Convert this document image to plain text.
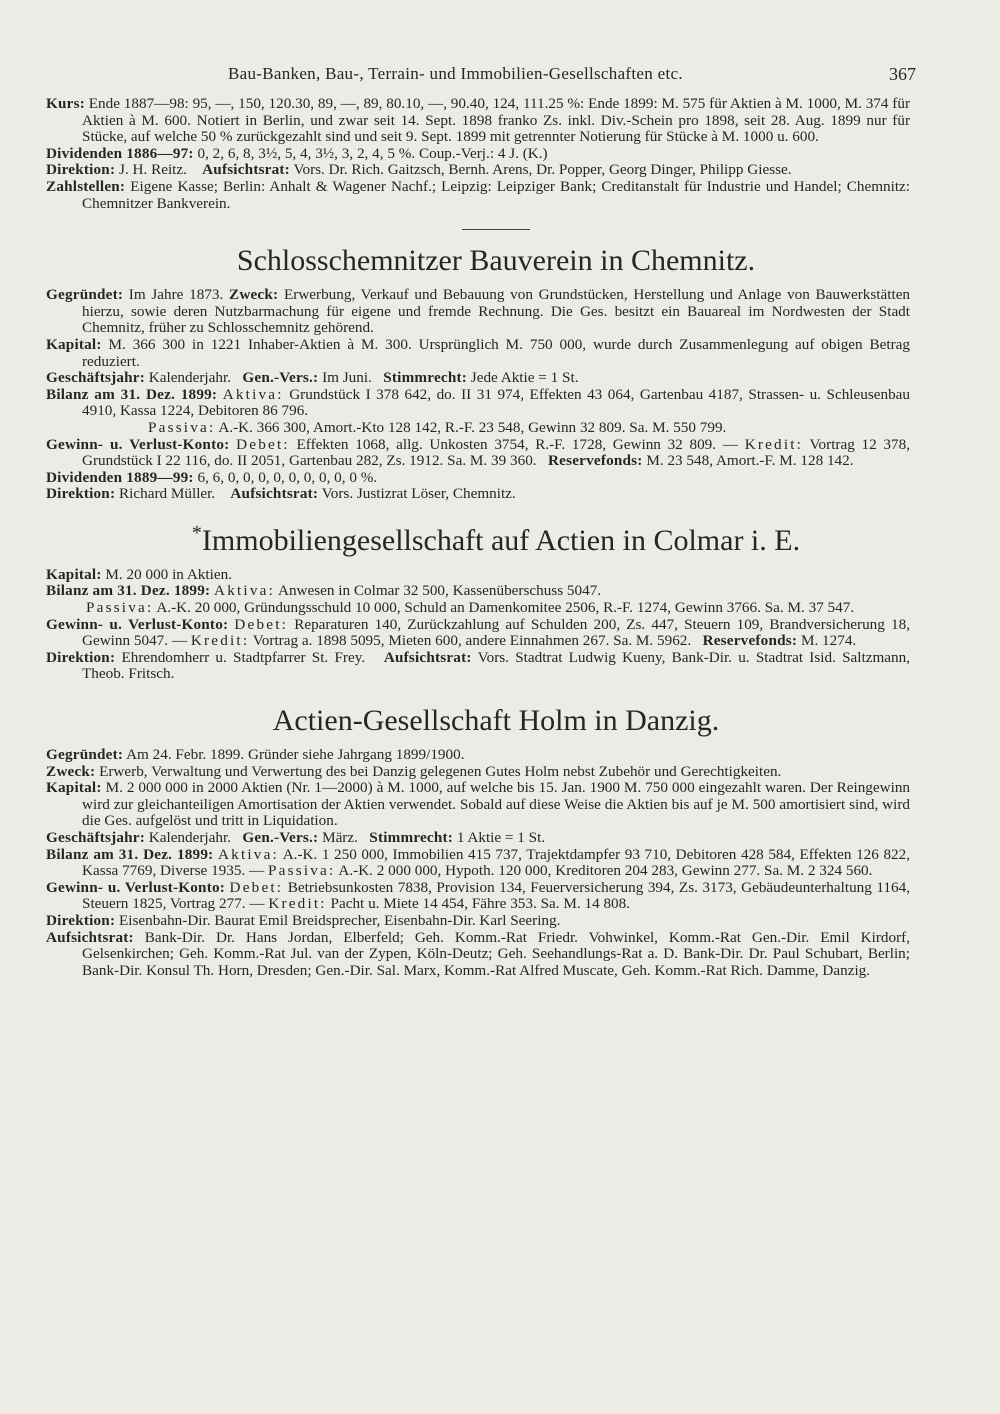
Bau-Banken, Bau-, Terrain- und Immobilien-Gesellschaften etc.	367

Kurs: Ende 1887—98: 95, —, 150, 120.30, 89, —, 89, 80.10, —, 90.40, 124, 111.25 %: Ende 1899: M. 575 für Aktien à M. 1000, M. 374 für Aktien à M. 600. Notiert in Berlin, und zwar seit 14. Sept. 1898 franko Zs. inkl. Div.-Schein pro 1898, seit 28. Aug. 1899 nur für Stücke, auf welche 50 % zurückgezahlt sind und seit 9. Sept. 1899 mit getrennter Notierung für Stücke à M. 1000 u. 600.

Dividenden 1886—97: 0, 2, 6, 8, 3½, 5, 4, 3½, 3, 2, 4, 5 %. Coup.-Verj.: 4 J. (K.)

Direktion: J. H. Reitz. Aufsichtsrat: Vors. Dr. Rich. Gaitzsch, Bernh. Arens, Dr. Popper, Georg Dinger, Philipp Giesse.

Zahlstellen: Eigene Kasse; Berlin: Anhalt & Wagener Nachf.; Leipzig: Leipziger Bank; Creditanstalt für Industrie und Handel; Chemnitz: Chemnitzer Bankverein.

Schlosschemnitzer Bauverein in Chemnitz.

Gegründet: Im Jahre 1873. Zweck: Erwerbung, Verkauf und Bebauung von Grundstücken, Herstellung und Anlage von Bauwerkstätten hierzu, sowie deren Nutzbarmachung für eigene und fremde Rechnung. Die Ges. besitzt ein Bauareal im Nordwesten der Stadt Chemnitz, früher zu Schlosschemnitz gehörend.

Kapital: M. 366 300 in 1221 Inhaber-Aktien à M. 300. Ursprünglich M. 750 000, wurde durch Zusammenlegung auf obigen Betrag reduziert.

Geschäftsjahr: Kalenderjahr. Gen.-Vers.: Im Juni. Stimmrecht: Jede Aktie = 1 St.

Bilanz am 31. Dez. 1899: Aktiva: Grundstück I 378 642, do. II 31 974, Effekten 43 064, Gartenbau 4187, Strassen- u. Schleusenbau 4910, Kassa 1224, Debitoren 86 796.

Passiva: A.-K. 366 300, Amort.-Kto 128 142, R.-F. 23 548, Gewinn 32 809. Sa. M. 550 799.

Gewinn- u. Verlust-Konto: Debet: Effekten 1068, allg. Unkosten 3754, R.-F. 1728, Gewinn 32 809. — Kredit: Vortrag 12 378, Grundstück I 22 116, do. II 2051, Gartenbau 282, Zs. 1912. Sa. M. 39 360. Reservefonds: M. 23 548, Amort.-F. M. 128 142.

Dividenden 1889—99: 6, 6, 0, 0, 0, 0, 0, 0, 0, 0, 0 %.

Direktion: Richard Müller. Aufsichtsrat: Vors. Justizrat Löser, Chemnitz.

*Immobiliengesellschaft auf Actien in Colmar i. E.

Kapital: M. 20 000 in Aktien.

Bilanz am 31. Dez. 1899: Aktiva: Anwesen in Colmar 32 500, Kassenüberschuss 5047.

Passiva: A.-K. 20 000, Gründungsschuld 10 000, Schuld an Damenkomitee 2506, R.-F. 1274, Gewinn 3766. Sa. M. 37 547.

Gewinn- u. Verlust-Konto: Debet: Reparaturen 140, Zurückzahlung auf Schulden 200, Zs. 447, Steuern 109, Brandversicherung 18, Gewinn 5047. — Kredit: Vortrag a. 1898 5095, Mieten 600, andere Einnahmen 267. Sa. M. 5962. Reservefonds: M. 1274.

Direktion: Ehrendomherr u. Stadtpfarrer St. Frey. Aufsichtsrat: Vors. Stadtrat Ludwig Kueny, Bank-Dir. u. Stadtrat Isid. Saltzmann, Theob. Fritsch.

Actien-Gesellschaft Holm in Danzig.

Gegründet: Am 24. Febr. 1899. Gründer siehe Jahrgang 1899/1900.

Zweck: Erwerb, Verwaltung und Verwertung des bei Danzig gelegenen Gutes Holm nebst Zubehör und Gerechtigkeiten.

Kapital: M. 2 000 000 in 2000 Aktien (Nr. 1—2000) à M. 1000, auf welche bis 15. Jan. 1900 M. 750 000 eingezahlt waren. Der Reingewinn wird zur gleichanteiligen Amortisation der Aktien verwendet. Sobald auf diese Weise die Aktien bis auf je M. 500 amortisiert sind, wird die Ges. aufgelöst und tritt in Liquidation.

Geschäftsjahr: Kalenderjahr. Gen.-Vers.: März. Stimmrecht: 1 Aktie = 1 St.

Bilanz am 31. Dez. 1899: Aktiva: A.-K. 1 250 000, Immobilien 415 737, Trajektdampfer 93 710, Debitoren 428 584, Effekten 126 822, Kassa 7769, Diverse 1935. — Passiva: A.-K. 2 000 000, Hypoth. 120 000, Kreditoren 204 283, Gewinn 277. Sa. M. 2 324 560.

Gewinn- u. Verlust-Konto: Debet: Betriebsunkosten 7838, Provision 134, Feuerversicherung 394, Zs. 3173, Gebäudeunterhaltung 1164, Steuern 1825, Vortrag 277. — Kredit: Pacht u. Miete 14 454, Fähre 353. Sa. M. 14 808.

Direktion: Eisenbahn-Dir. Baurat Emil Breidsprecher, Eisenbahn-Dir. Karl Seering.

Aufsichtsrat: Bank-Dir. Dr. Hans Jordan, Elberfeld; Geh. Komm.-Rat Friedr. Vohwinkel, Komm.-Rat Gen.-Dir. Emil Kirdorf, Gelsenkirchen; Geh. Komm.-Rat Jul. van der Zypen, Köln-Deutz; Geh. Seehandlungs-Rat a. D. Bank-Dir. Dr. Paul Schubart, Berlin; Bank-Dir. Konsul Th. Horn, Dresden; Gen.-Dir. Sal. Marx, Komm.-Rat Alfred Muscate, Geh. Komm.-Rat Rich. Damme, Danzig.
